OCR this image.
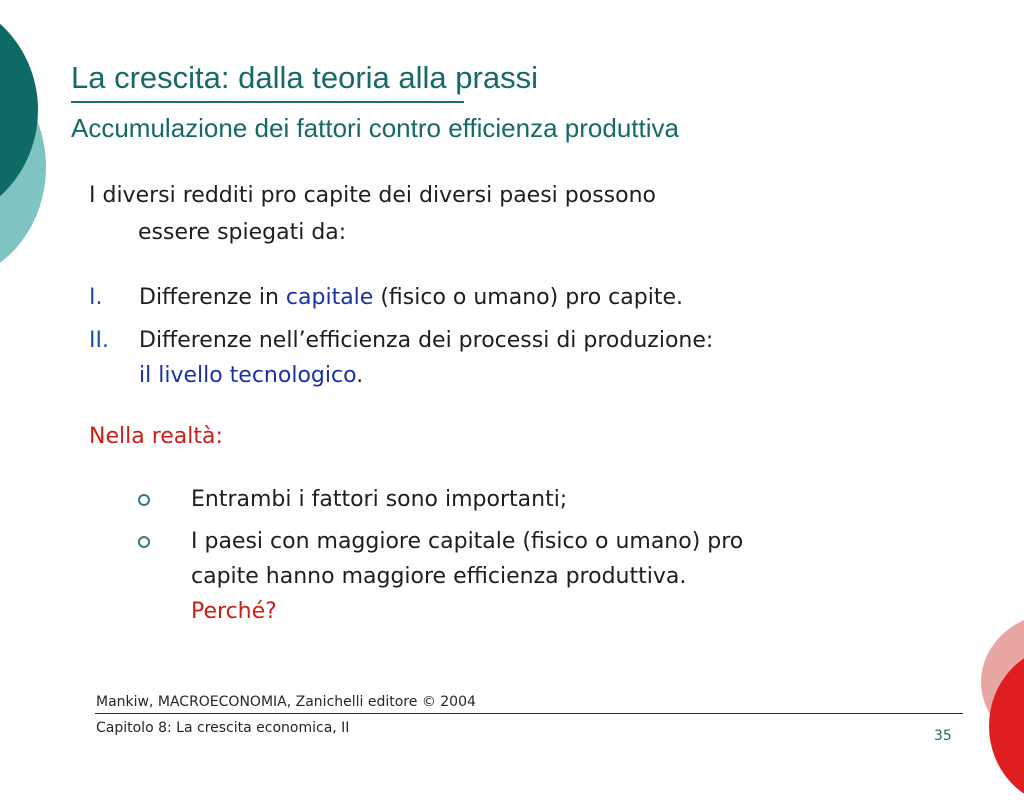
La crescita: dalla teoria alla prassi
Accumulazione dei fattori contro efficienza produttiva
I diversi redditi pro capite dei diversi paesi possono
essere spiegati da:
I. Differenze in capitale (fisico o umano) pro capite.
II. Differenze nell’efficienza dei processi di produzione:
il livello tecnologico.
Nella realtà:
Entrambi i fattori sono importanti;
I paesi con maggiore capitale (fisico o umano) pro
capite hanno maggiore efficienza produttiva.
Perché?
Mankiw, MACROECONOMIA, Zanichelli editore © 2004
Capitolo 8: La crescita economica, II	35
